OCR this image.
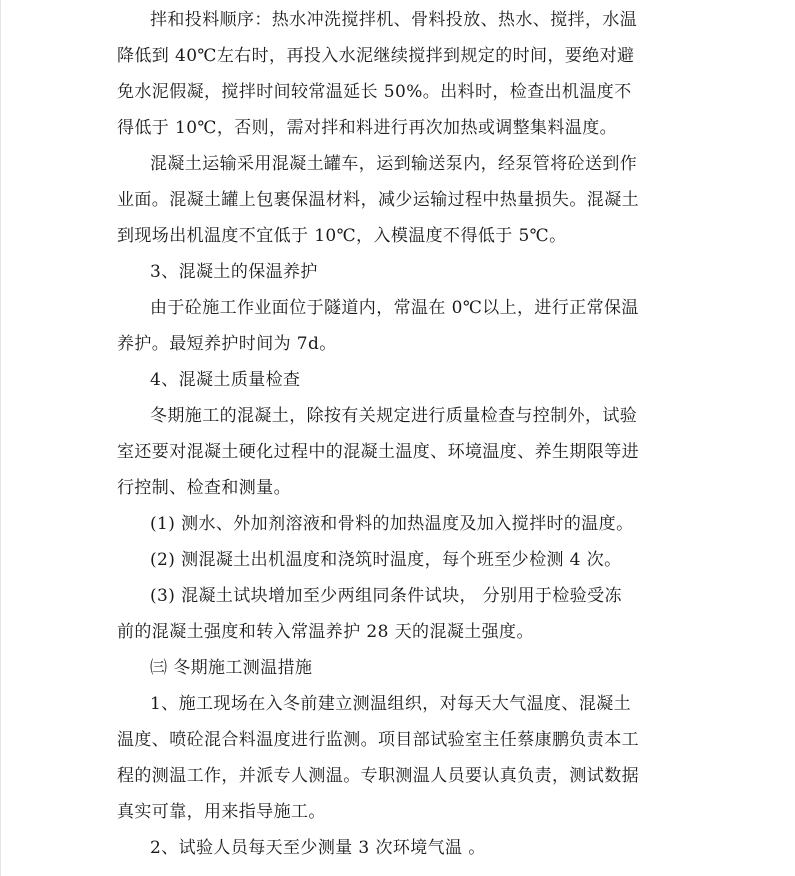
拌和投料顺序：热水冲洗搅拌机、骨料投放、热水、搅拌，水温
降低到 40℃左右时，再投入水泥继续搅拌到规定的时间，要绝对避
免水泥假凝，搅拌时间较常温延长 50%。出料时，检查出机温度不
得低于 10℃，否则，需对拌和料进行再次加热或调整集料温度。
混凝土运输采用混凝土罐车，运到输送泵内，经泵管将砼送到作
业面。混凝土罐上包裹保温材料，减少运输过程中热量损失。混凝土
到现场出机温度不宜低于 10℃，入模温度不得低于 5℃。
3、混凝土的保温养护
由于砼施工作业面位于隧道内，常温在 0℃以上，进行正常保温
养护。最短养护时间为 7d。
4、混凝土质量检查
冬期施工的混凝土，除按有关规定进行质量检查与控制外，试验
室还要对混凝土硬化过程中的混凝土温度、环境温度、养生期限等进
行控制、检查和测量。
(1) 测水、外加剂溶液和骨料的加热温度及加入搅拌时的温度。
(2) 测混凝土出机温度和浇筑时温度，每个班至少检测 4 次。
(3) 混凝土试块增加至少两组同条件试块， 分别用于检验受冻
前的混凝土强度和转入常温养护 28 天的混凝土强度。
㈢ 冬期施工测温措施
1、施工现场在入冬前建立测温组织，对每天大气温度、混凝土
温度、喷砼混合料温度进行监测。项目部试验室主任蔡康鹏负责本工
程的测温工作，并派专人测温。专职测温人员要认真负责，测试数据
真实可靠，用来指导施工。
2、试验人员每天至少测量 3 次环境气温 。
